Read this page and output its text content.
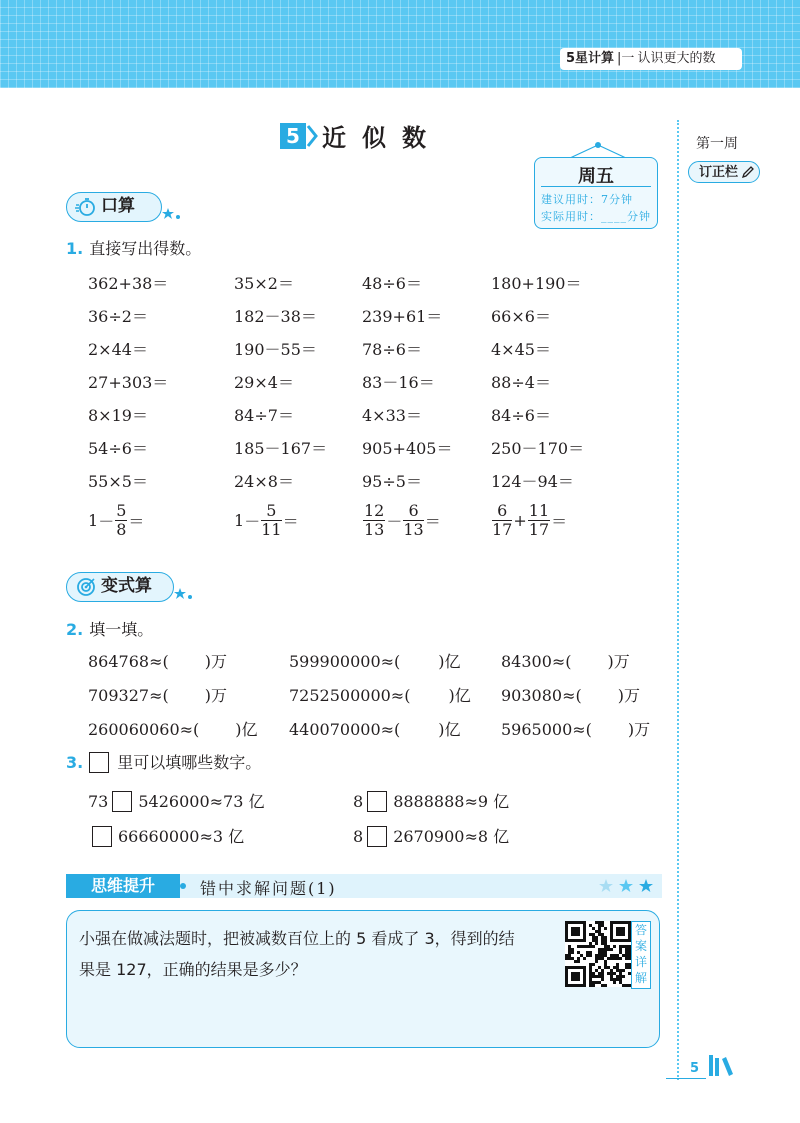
5星计算 |一 认识更大的数
第一周
订正栏
5 近似数
周五
建议用时：7分钟
实际用时：____分钟
口算
1. 直接写出得数。
362+38＝	35×2＝	48÷6＝	180+190＝
36÷2＝	182－38＝	239+61＝	66×6＝
2×44＝	190－55＝	78÷6＝	4×45＝
27+303＝	29×4＝	83－16＝	88÷4＝
8×19＝	84÷7＝	4×33＝	84÷6＝
54÷6＝	185－167＝ 905+405＝ 250－170＝
55×5＝	24×8＝	95÷5＝	124－94＝
$1- \frac{5}{8}$ ＝	$1- \frac{5}{11}$ ＝	$\frac{12}{13} - \frac{6}{13}$ ＝	$\frac{6}{17} + \frac{11}{17}$ ＝
变式算
2. 填一填。
864768≈( )万	599900000≈( )亿	84300≈( )万
709327≈( )万	7252500000≈( )亿 903080≈( )万
260060060≈( )亿 440070000≈( )亿	5965000≈( )万
3. 里可以填哪些数字。
73 5426000≈73 亿	8 8888888≈9 亿
66660000≈3 亿	8 2670900≈8 亿
思维提升	错中求解问题(1)
小强在做减法题时，把被减数百位上的 5 看成了 3，得到的结
果是 127，正确的结果是多少？
答案详解
5
